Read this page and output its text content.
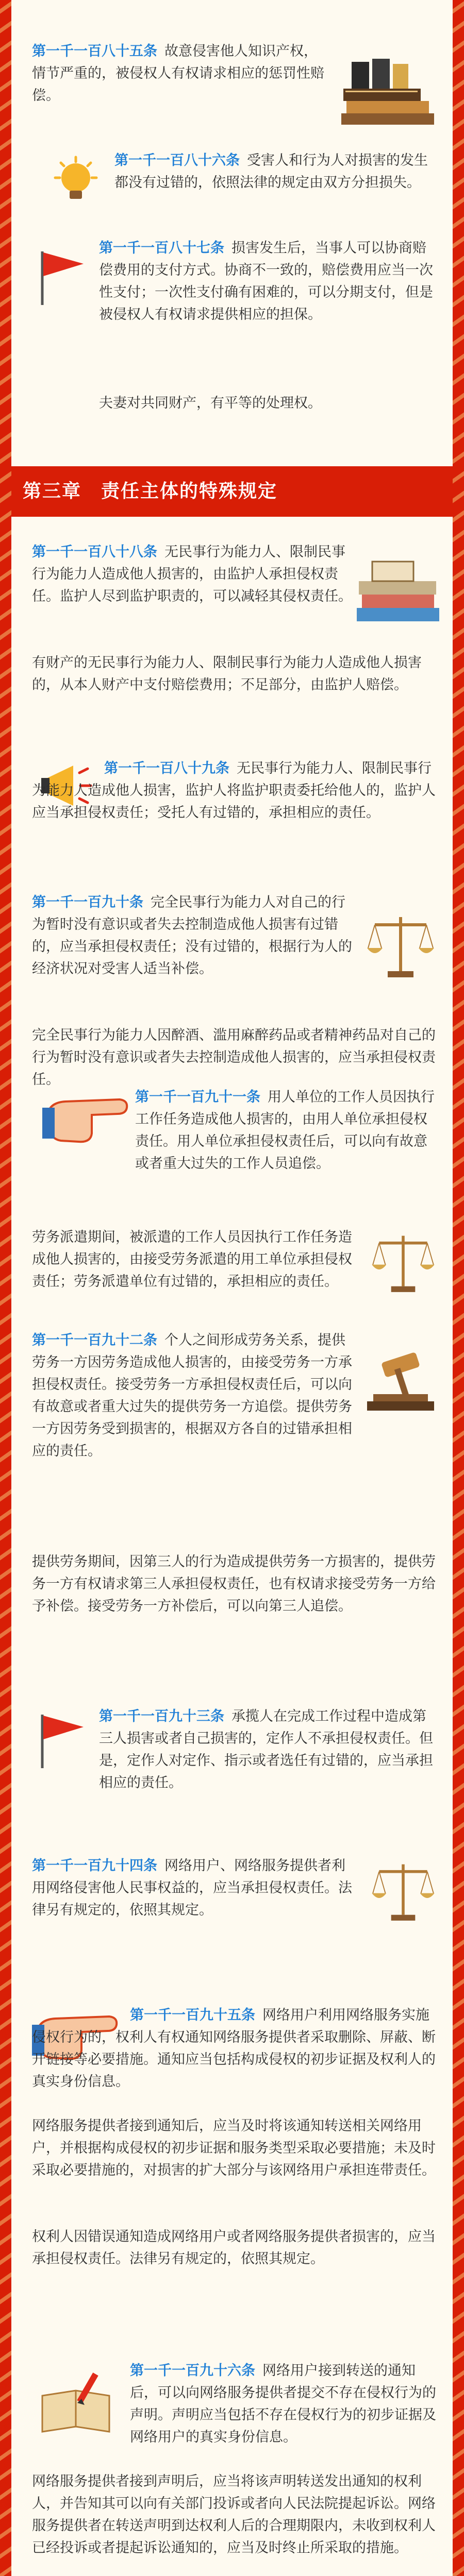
第一千一百八十五条 故意侵害他人知识产权，情节严重的，被侵权人有权请求相应的惩罚性赔偿。
第一千一百八十六条 受害人和行为人对损害的发生都没有过错的，依照法律的规定由双方分担损失。
第一千一百八十七条 损害发生后，当事人可以协商赔偿费用的支付方式。协商不一致的，赔偿费用应当一次性支付；一次性支付确有困难的，可以分期支付，但是被侵权人有权请求提供相应的担保。
夫妻对共同财产，有平等的处理权。
第三章　责任主体的特殊规定
第一千一百八十八条 无民事行为能力人、限制民事行为能力人造成他人损害的，由监护人承担侵权责任。监护人尽到监护职责的，可以减轻其侵权责任。
有财产的无民事行为能力人、限制民事行为能力人造成他人损害的，从本人财产中支付赔偿费用；不足部分，由监护人赔偿。
第一千一百八十九条 无民事行为能力人、限制民事行为能力人造成他人损害，监护人将监护职责委托给他人的，监护人应当承担侵权责任；受托人有过错的，承担相应的责任。
第一千一百九十条 完全民事行为能力人对自己的行为暂时没有意识或者失去控制造成他人损害有过错的，应当承担侵权责任；没有过错的，根据行为人的经济状况对受害人适当补偿。
完全民事行为能力人因醉酒、滥用麻醉药品或者精神药品对自己的行为暂时没有意识或者失去控制造成他人损害的，应当承担侵权责任。
第一千一百九十一条 用人单位的工作人员因执行工作任务造成他人损害的，由用人单位承担侵权责任。用人单位承担侵权责任后，可以向有故意或者重大过失的工作人员追偿。
劳务派遣期间，被派遣的工作人员因执行工作任务造成他人损害的，由接受劳务派遣的用工单位承担侵权责任；劳务派遣单位有过错的，承担相应的责任。
第一千一百九十二条 个人之间形成劳务关系，提供劳务一方因劳务造成他人损害的，由接受劳务一方承担侵权责任。接受劳务一方承担侵权责任后，可以向有故意或者重大过失的提供劳务一方追偿。提供劳务一方因劳务受到损害的，根据双方各自的过错承担相应的责任。
提供劳务期间，因第三人的行为造成提供劳务一方损害的，提供劳务一方有权请求第三人承担侵权责任，也有权请求接受劳务一方给予补偿。接受劳务一方补偿后，可以向第三人追偿。
第一千一百九十三条 承揽人在完成工作过程中造成第三人损害或者自己损害的，定作人不承担侵权责任。但是，定作人对定作、指示或者选任有过错的，应当承担相应的责任。
第一千一百九十四条 网络用户、网络服务提供者利用网络侵害他人民事权益的，应当承担侵权责任。法律另有规定的，依照其规定。
第一千一百九十五条 网络用户利用网络服务实施侵权行为的，权利人有权通知网络服务提供者采取删除、屏蔽、断开链接等必要措施。通知应当包括构成侵权的初步证据及权利人的真实身份信息。
网络服务提供者接到通知后，应当及时将该通知转送相关网络用户，并根据构成侵权的初步证据和服务类型采取必要措施；未及时采取必要措施的，对损害的扩大部分与该网络用户承担连带责任。
权利人因错误通知造成网络用户或者网络服务提供者损害的，应当承担侵权责任。法律另有规定的，依照其规定。
第一千一百九十六条 网络用户接到转送的通知后，可以向网络服务提供者提交不存在侵权行为的声明。声明应当包括不存在侵权行为的初步证据及网络用户的真实身份信息。
网络服务提供者接到声明后，应当将该声明转送发出通知的权利人，并告知其可以向有关部门投诉或者向人民法院提起诉讼。网络服务提供者在转送声明到达权利人后的合理期限内，未收到权利人已经投诉或者提起诉讼通知的，应当及时终止所采取的措施。
